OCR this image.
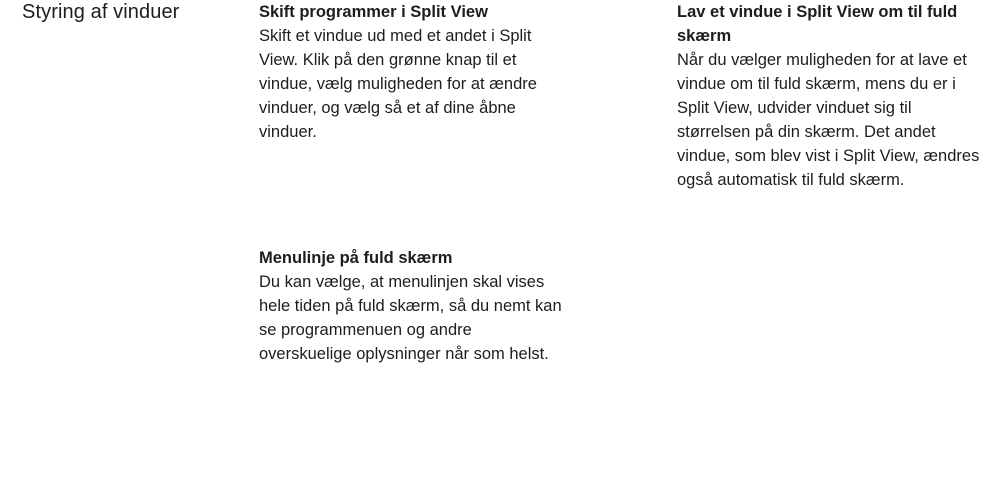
Styring af vinduer	Skift programmer i Split View

Skift et vindue ud med et andet i Split View. Klik på den grønne knap til et vindue, vælg muligheden for at ændre vinduer, og vælg så et af dine åbne vinduer.

Lav et vindue i Split View om til fuld skærm

Når du vælger muligheden for at lave et vindue om til fuld skærm, mens du er i Split View, udvider vinduet sig til størrelsen på din skærm. Det andet vindue, som blev vist i Split View, ændres også automatisk til fuld skærm.

Menulinje på fuld skærm

Du kan vælge, at menulinjen skal vises hele tiden på fuld skærm, så du nemt kan se programmenuen og andre overskuelige oplysninger når som helst.
